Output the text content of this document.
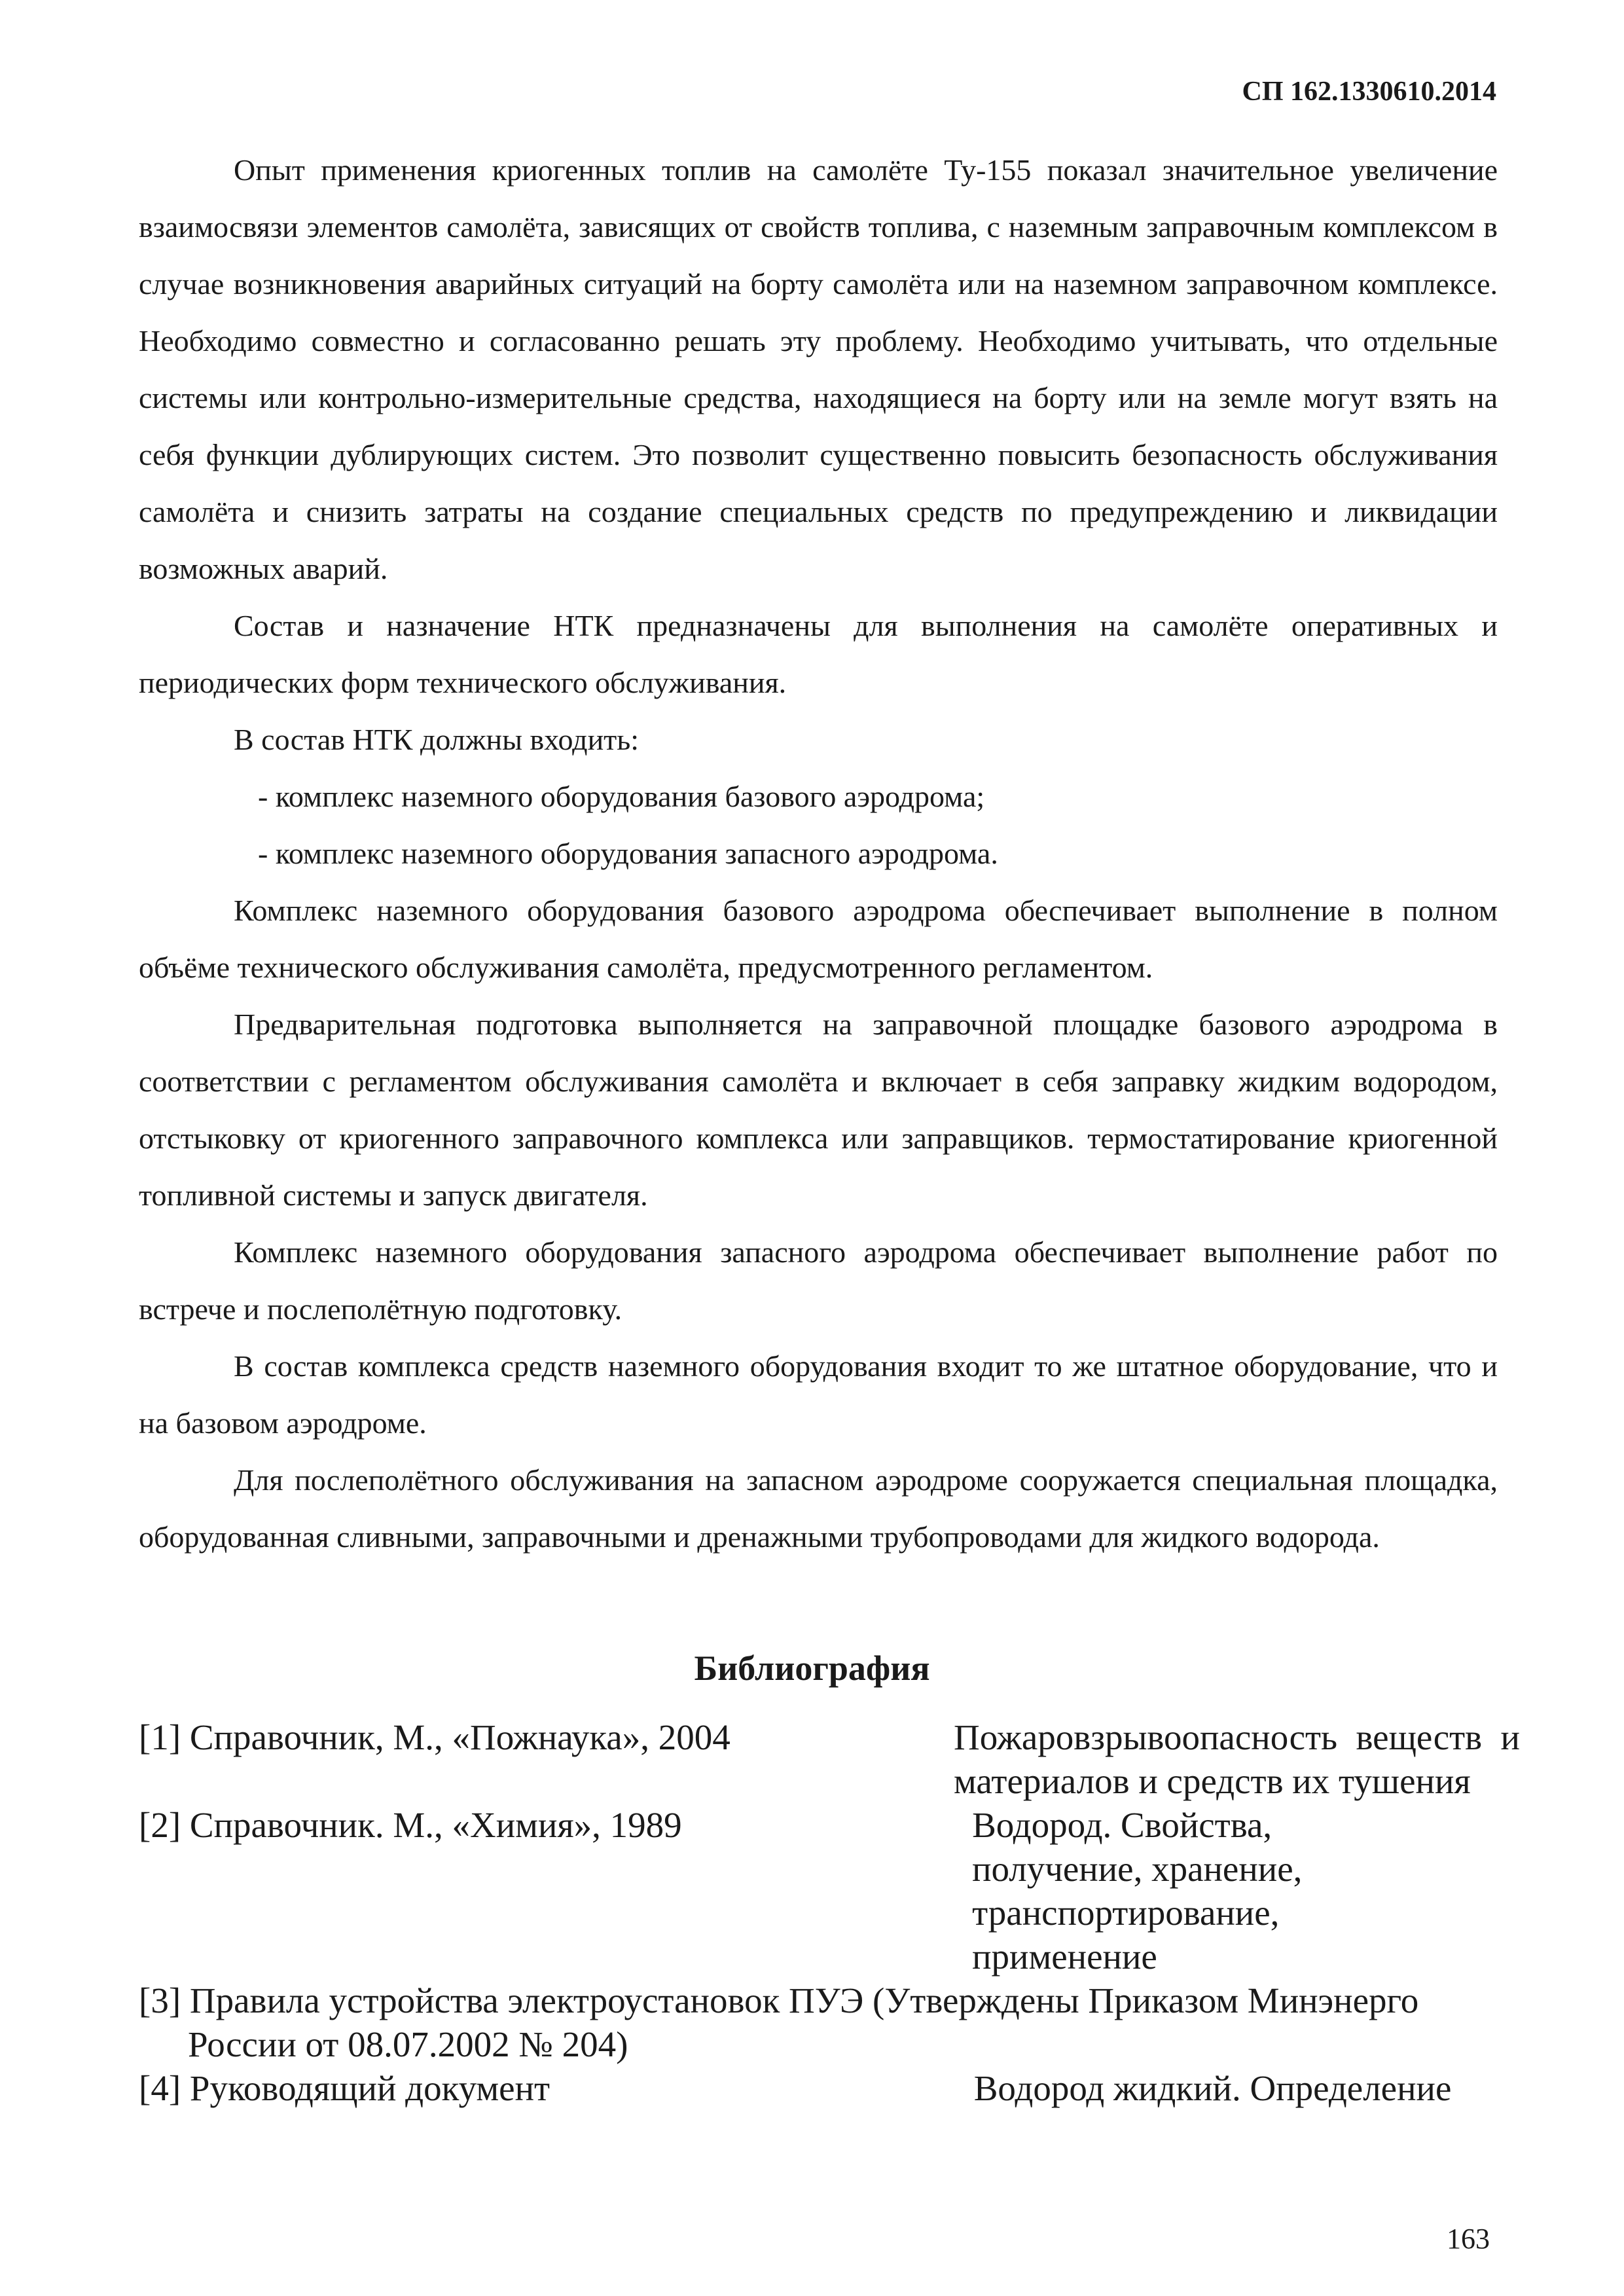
СП 162.1330610.2014

Опыт применения криогенных топлив на самолёте Ту-155 показал значительное увеличение взаимосвязи элементов самолёта, зависящих от свойств топлива, с наземным заправочным комплексом в случае возникновения аварийных ситуаций на борту самолёта или на наземном заправочном комплексе. Необходимо совместно и согласованно решать эту проблему. Необходимо учитывать, что отдельные системы или контрольно-измерительные средства, находящиеся на борту или на земле могут взять на себя функции дублирующих систем. Это позволит существенно повысить безопасность обслуживания самолёта и снизить затраты на создание специальных средств по предупреждению и ликвидации возможных аварий.

Состав и назначение НТК предназначены для выполнения на самолёте оперативных и периодических форм технического обслуживания.

В состав НТК должны входить:

- комплекс наземного оборудования базового аэродрома;

- комплекс наземного оборудования запасного аэродрома.

Комплекс наземного оборудования базового аэродрома обеспечивает выполнение в полном объёме технического обслуживания самолёта, предусмотренного регламентом.

Предварительная подготовка выполняется на заправочной площадке базового аэродрома в соответствии с регламентом обслуживания самолёта и включает в себя заправку жидким водородом, отстыковку от криогенного заправочного комплекса или заправщиков. термостатирование криогенной топливной системы и запуск двигателя.

Комплекс наземного оборудования запасного аэродрома обеспечивает выполнение работ по встрече и послеполётную подготовку.

В состав комплекса средств наземного оборудования входит то же штатное оборудование, что и на базовом аэродроме.

Для послеполётного обслуживания на запасном аэродроме сооружается специальная площадка, оборудованная сливными, заправочными и дренажными трубопроводами для жидкого водорода.

Библиография
[1] Справочник, М., «Пожнаука», 2004	Пожаровзрывоопасность веществ и материалов и средств их тушения
[2] Справочник. М., «Химия», 1989	Водород. Свойства, получение, хранение, транспортирование, применение
[3] Правила устройства электроустановок ПУЭ (Утверждены Приказом Минэнерго России от 08.07.2002 № 204)
[4] Руководящий документ	Водород жидкий. Определение
163
